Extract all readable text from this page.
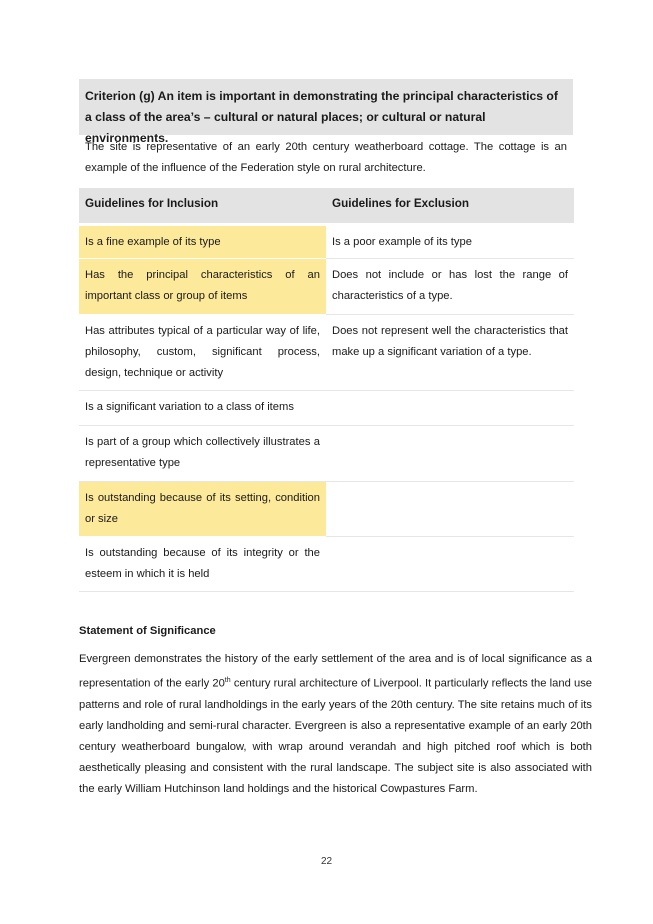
Criterion (g) An item is important in demonstrating the principal characteristics of a class of the area’s – cultural or natural places; or cultural or natural environments.
The site is representative of an early 20th century weatherboard cottage. The cottage is an example of the influence of the Federation style on rural architecture.
Guidelines for Inclusion	Guidelines for Exclusion
Is a fine example of its type	Is a poor example of its type
Has the principal characteristics of an important class or group of items	Does not include or has lost the range of characteristics of a type.
Has attributes typical of a particular way of life, philosophy, custom, significant process, design, technique or activity	Does not represent well the characteristics that make up a significant variation of a type.
Is a significant variation to a class of items	
Is part of a group which collectively illustrates a representative type	
Is outstanding because of its setting, condition or size	
Is outstanding because of its integrity or the esteem in which it is held	
Statement of Significance
Evergreen demonstrates the history of the early settlement of the area and is of local significance as a representation of the early 20th century rural architecture of Liverpool. It particularly reflects the land use patterns and role of rural landholdings in the early years of the 20th century. The site retains much of its early landholding and semi-rural character. Evergreen is also a representative example of an early 20th century weatherboard bungalow, with wrap around verandah and high pitched roof which is both aesthetically pleasing and consistent with the rural landscape. The subject site is also associated with the early William Hutchinson land holdings and the historical Cowpastures Farm.
22
